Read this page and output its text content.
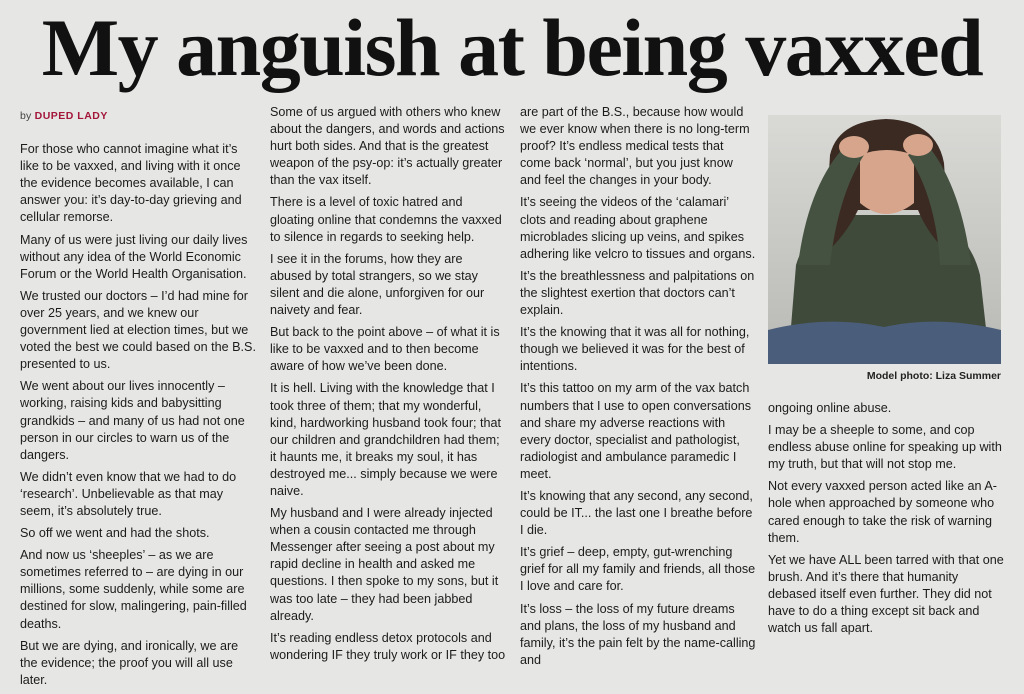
My anguish at being vaxxed

by DUPED LADY

For those who cannot imagine what it’s like to be vaxxed, and living with it once the evidence becomes available, I can answer you: it’s day-to-day grieving and cellular remorse.

Many of us were just living our daily lives without any idea of the World Economic Forum or the World Health Organisation.

We trusted our doctors – I’d had mine for over 25 years, and we knew our government lied at election times, but we voted the best we could based on the B.S. presented to us.

We went about our lives innocently – working, raising kids and babysitting grandkids – and many of us had not one person in our circles to warn us of the dangers.

We didn’t even know that we had to do ‘research’. Unbelievable as that may seem, it’s absolutely true.

So off we went and had the shots.

And now us ‘sheeples’ – as we are sometimes referred to – are dying in our millions, some suddenly, while some are destined for slow, malingering, pain-filled deaths.

But we are dying, and ironically, we are the evidence; the proof you will all use later.

Some of us argued with others who knew about the dangers, and words and actions hurt both sides. And that is the greatest weapon of the psy-op: it’s actually greater than the vax itself.

There is a level of toxic hatred and gloating online that condemns the vaxxed to silence in regards to seeking help.

I see it in the forums, how they are abused by total strangers, so we stay silent and die alone, unforgiven for our naivety and fear.

But back to the point above – of what it is like to be vaxxed and to then become aware of how we’ve been done.

It is hell. Living with the knowledge that I took three of them; that my wonderful, kind, hardworking husband took four; that our children and grandchildren had them; it haunts me, it breaks my soul, it has destroyed me... simply because we were naive.

My husband and I were already injected when a cousin contacted me through Messenger after seeing a post about my rapid decline in health and asked me questions. I then spoke to my sons, but it was too late – they had been jabbed already.

It’s reading endless detox protocols and wondering IF they truly work or IF they too

are part of the B.S., because how would we ever know when there is no long-term proof? It’s endless medical tests that come back ‘normal’, but you just know and feel the changes in your body.

It’s seeing the videos of the ‘calamari’ clots and reading about graphene microblades slicing up veins, and spikes adhering like velcro to tissues and organs.

It’s the breathlessness and palpitations on the slightest exertion that doctors can’t explain.

It’s the knowing that it was all for nothing, though we believed it was for the best of intentions.

It’s this tattoo on my arm of the vax batch numbers that I use to open conversations and share my adverse reactions with every doctor, specialist and pathologist, radiologist and ambulance paramedic I meet.

It’s knowing that any second, any second, could be IT... the last one I breathe before I die.

It’s grief – deep, empty, gut-wrenching grief for all my family and friends, all those I love and care for.

It’s loss – the loss of my future dreams and plans, the loss of my husband and family, it’s the pain felt by the name-calling and

Model photo: Liza Summer

ongoing online abuse.

I may be a sheeple to some, and cop endless abuse online for speaking up with my truth, but that will not stop me.

Not every vaxxed person acted like an A-hole when approached by someone who cared enough to take the risk of warning them.

Yet we have ALL been tarred with that one brush. And it’s there that humanity debased itself even further. They did not have to do a thing except sit back and watch us fall apart.
